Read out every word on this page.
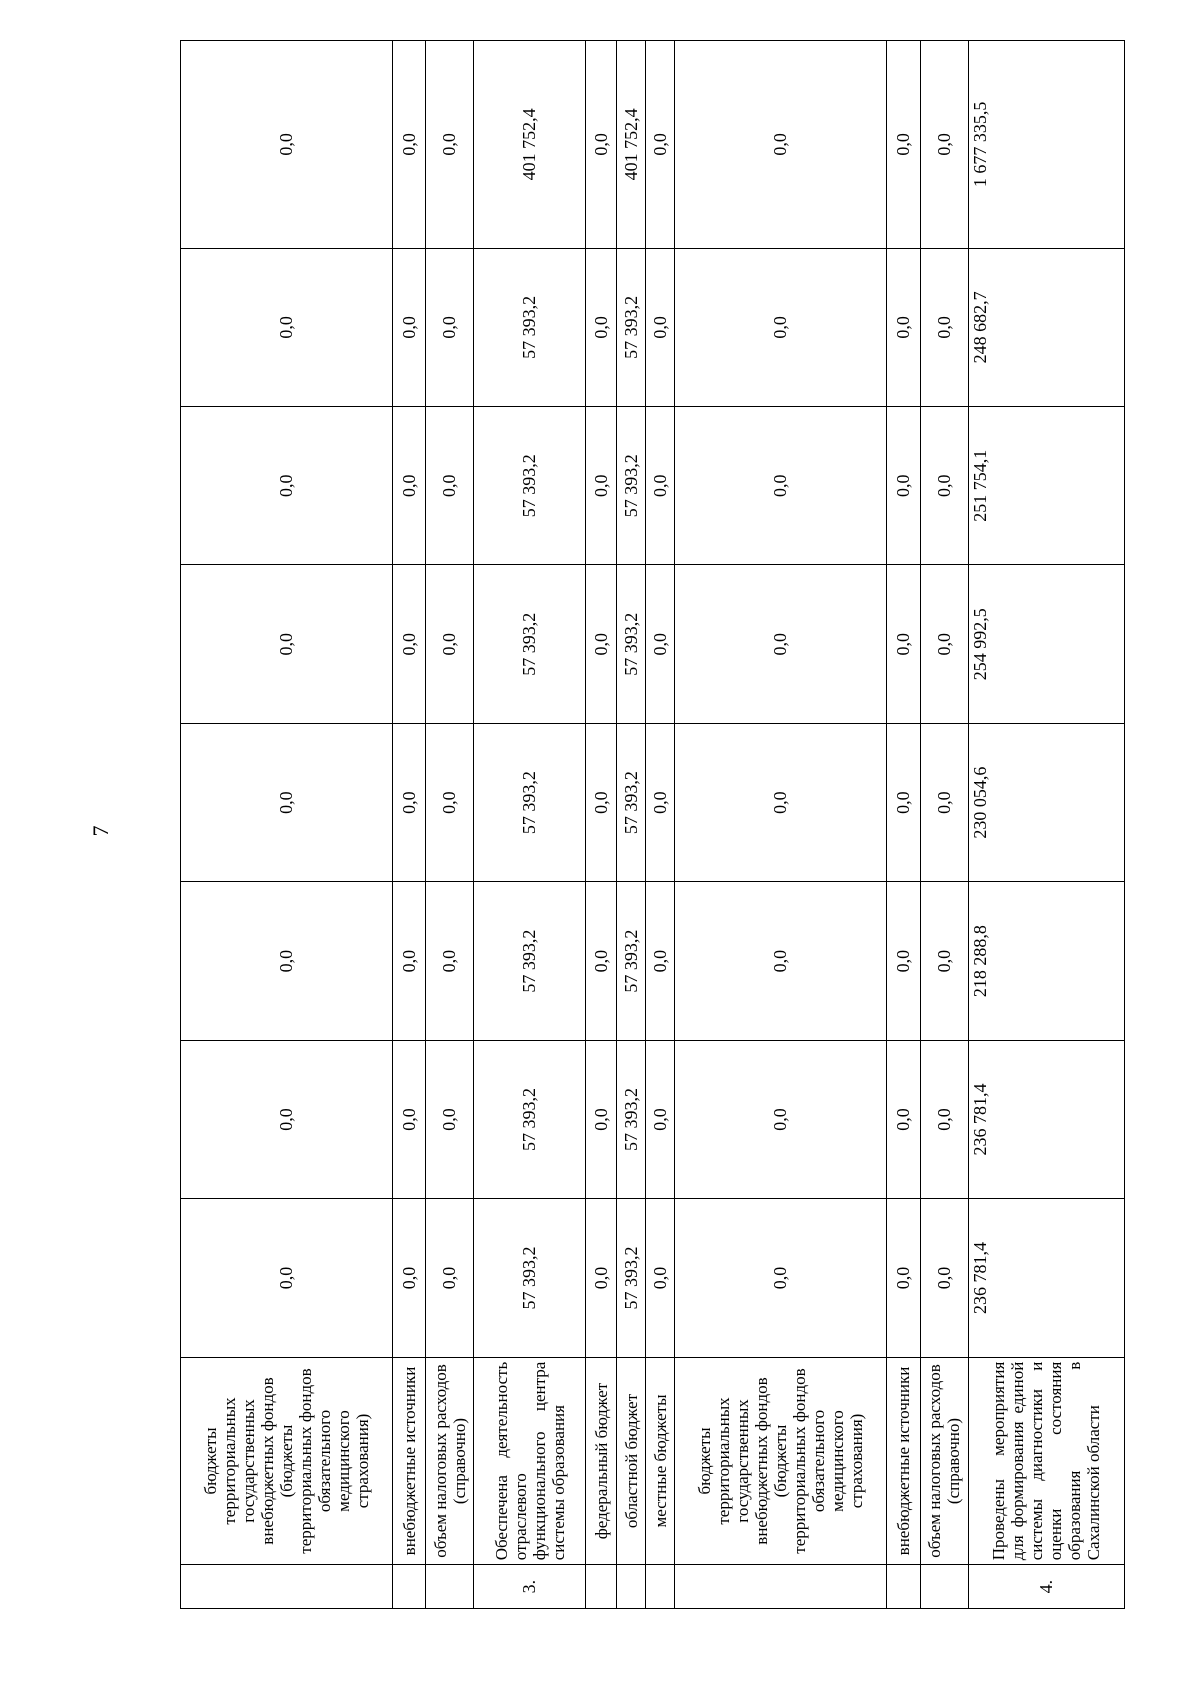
7
	бюджеты территориальных государственных внебюджетных фондов (бюджеты территориальных фондов обязательного медицинского страхования)	0,0	0,0	0,0	0,0	0,0	0,0	0,0	0,0
	внебюджетные источники	0,0	0,0	0,0	0,0	0,0	0,0	0,0	0,0
	объем налоговых расходов (справочно)	0,0	0,0	0,0	0,0	0,0	0,0	0,0	0,0
3.	Обеспечена деятельность отраслевого функционального центра системы образования	57 393,2	57 393,2	57 393,2	57 393,2	57 393,2	57 393,2	57 393,2	401 752,4
	федеральный бюджет	0,0	0,0	0,0	0,0	0,0	0,0	0,0	0,0
	областной бюджет	57 393,2	57 393,2	57 393,2	57 393,2	57 393,2	57 393,2	57 393,2	401 752,4
	местные бюджеты	0,0	0,0	0,0	0,0	0,0	0,0	0,0	0,0
	бюджеты территориальных государственных внебюджетных фондов (бюджеты территориальных фондов обязательного медицинского страхования)	0,0	0,0	0,0	0,0	0,0	0,0	0,0	0,0
	внебюджетные источники	0,0	0,0	0,0	0,0	0,0	0,0	0,0	0,0
	объем налоговых расходов (справочно)	0,0	0,0	0,0	0,0	0,0	0,0	0,0	0,0
4.	Проведены мероприятия для формирования единой системы диагностики и оценки состояния образования в Сахалинской области	236 781,4	236 781,4	218 288,8	230 054,6	254 992,5	251 754,1	248 682,7	1 677 335,5
